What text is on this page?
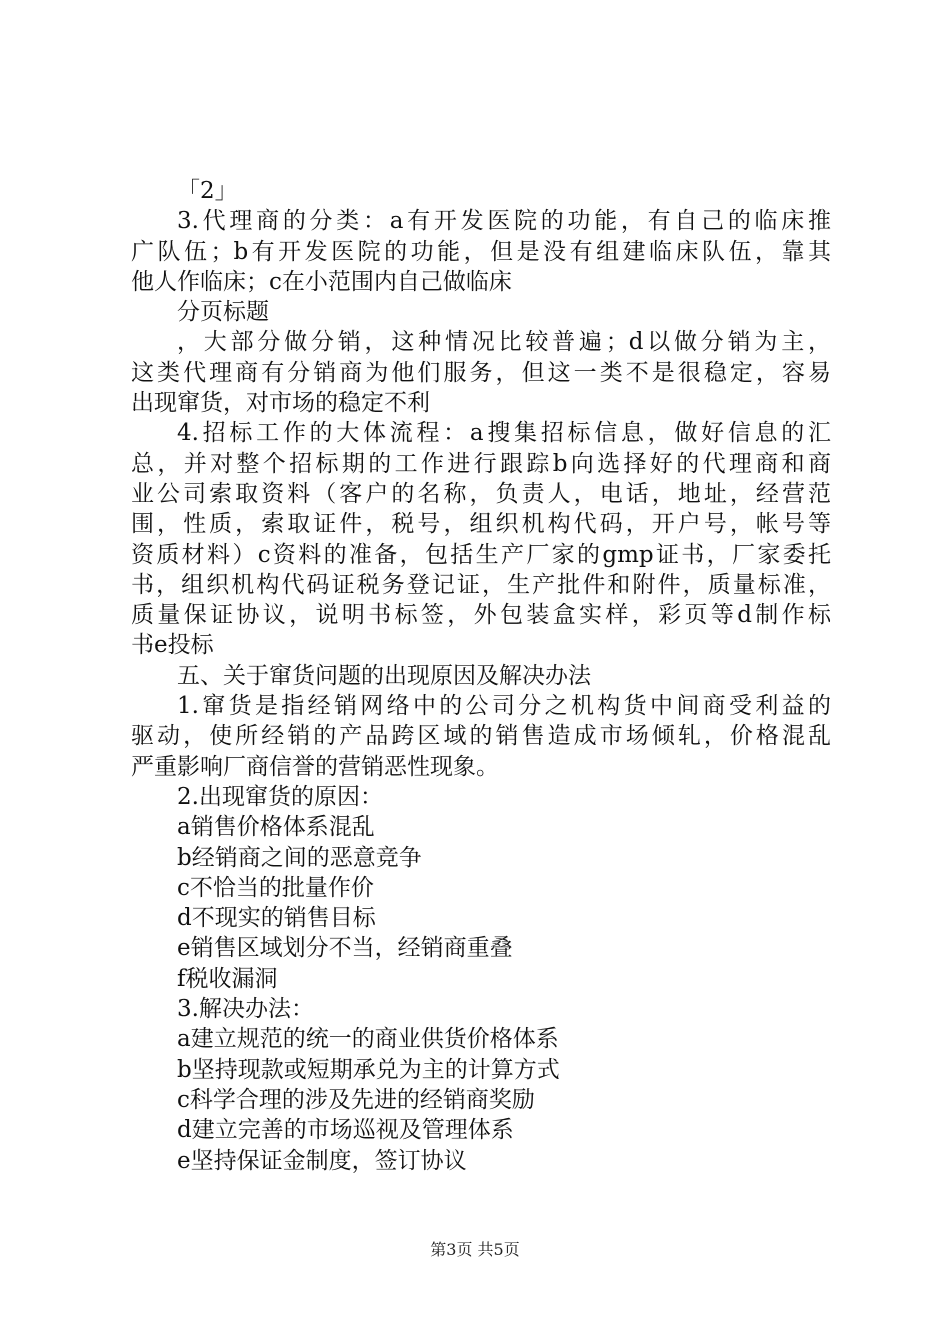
「2」
3.代理商的分类：a有开发医院的功能，有自己的临床推
广队伍；b有开发医院的功能，但是没有组建临床队伍，靠其
他人作临床；c在小范围内自己做临床
分页标题
，大部分做分销，这种情况比较普遍；d以做分销为主，
这类代理商有分销商为他们服务，但这一类不是很稳定，容易
出现窜货，对市场的稳定不利
4.招标工作的大体流程：a搜集招标信息，做好信息的汇
总，并对整个招标期的工作进行跟踪b向选择好的代理商和商
业公司索取资料（客户的名称，负责人，电话，地址，经营范
围，性质，索取证件，税号，组织机构代码，开户号，帐号等
资质材料）c资料的准备，包括生产厂家的gmp证书，厂家委托
书，组织机构代码证税务登记证，生产批件和附件，质量标准，
质量保证协议，说明书标签，外包装盒实样，彩页等d制作标
书e投标
五、关于窜货问题的出现原因及解决办法
1.窜货是指经销网络中的公司分之机构货中间商受利益的
驱动，使所经销的产品跨区域的销售造成市场倾轧，价格混乱
严重影响厂商信誉的营销恶性现象。
2.出现窜货的原因：
a销售价格体系混乱
b经销商之间的恶意竞争
c不恰当的批量作价
d不现实的销售目标
e销售区域划分不当，经销商重叠
f税收漏洞
3.解决办法：
a建立规范的统一的商业供货价格体系
b坚持现款或短期承兑为主的计算方式
c科学合理的涉及先进的经销商奖励
d建立完善的市场巡视及管理体系
e坚持保证金制度，签订协议
第3页 共5页
